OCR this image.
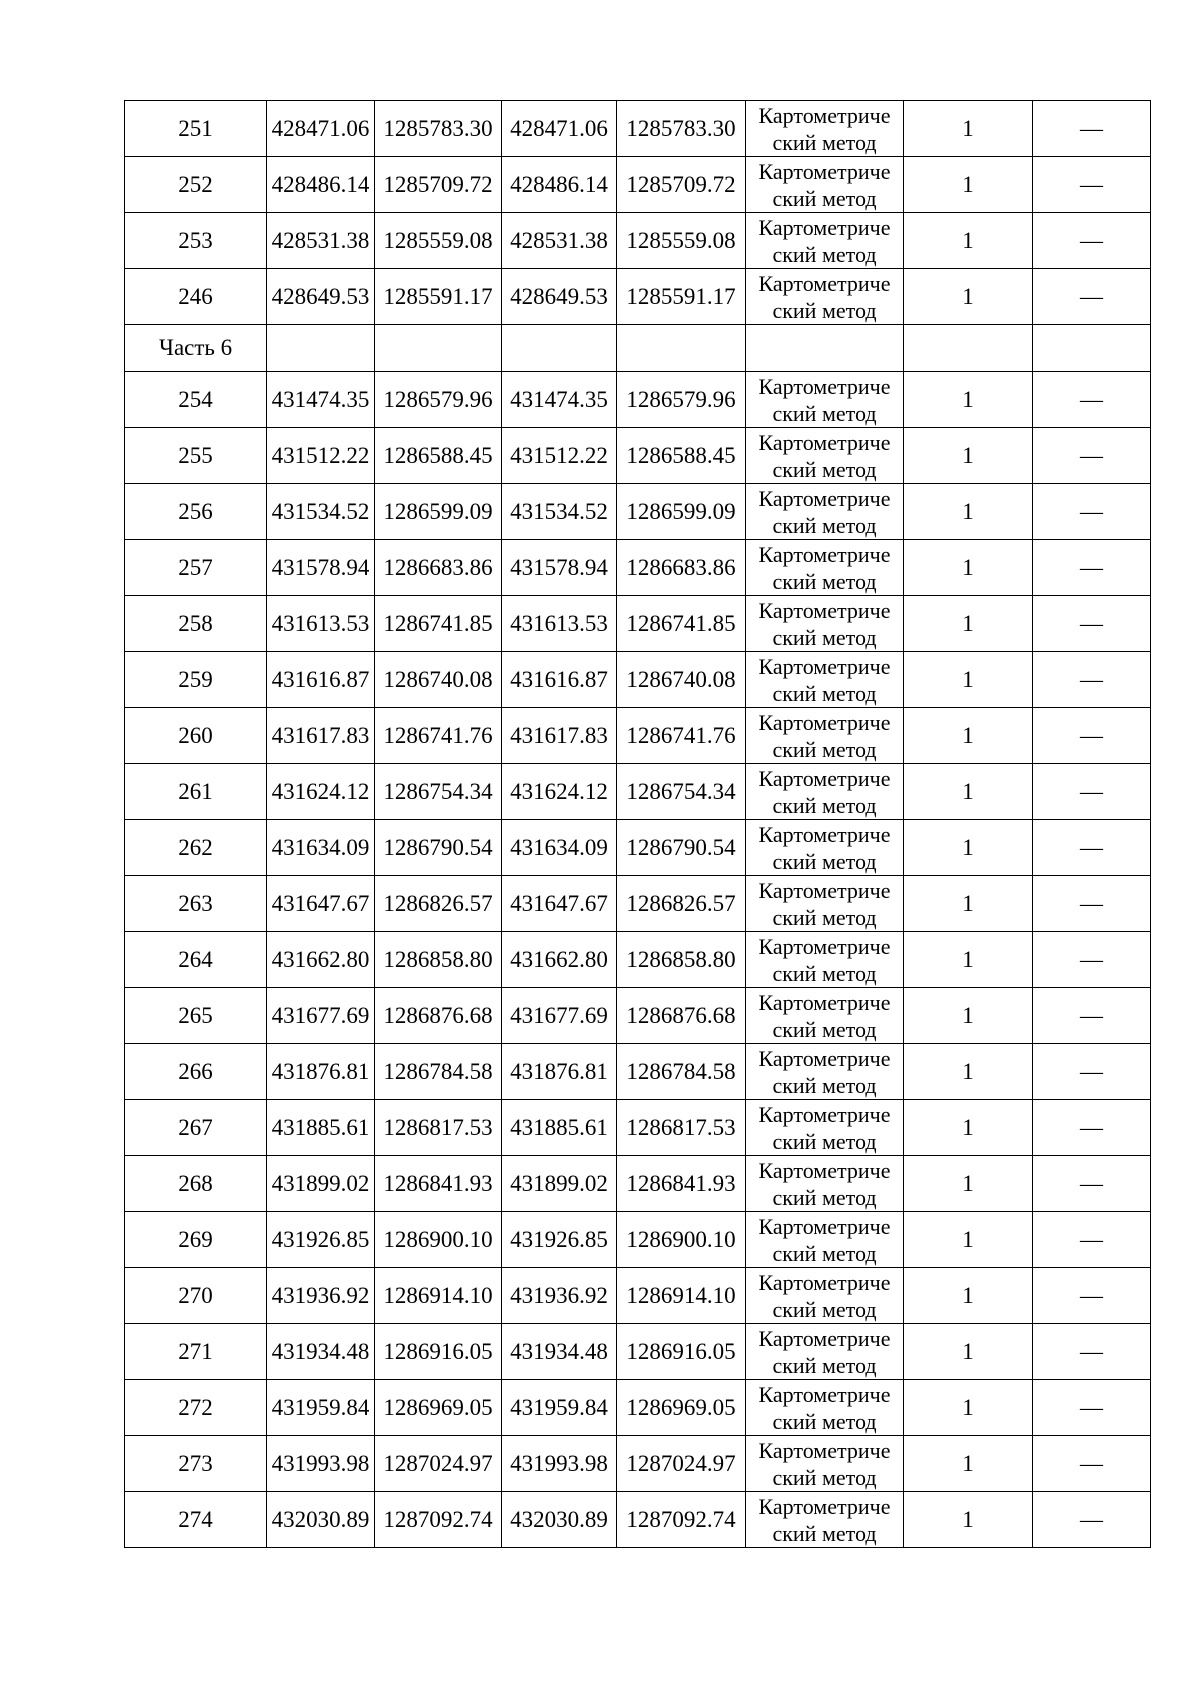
251	428471.06	1285783.30	428471.06	1285783.30	Картометриче
ский метод	1	—
252	428486.14	1285709.72	428486.14	1285709.72	Картометриче
ский метод	1	—
253	428531.38	1285559.08	428531.38	1285559.08	Картометриче
ский метод	1	—
246	428649.53	1285591.17	428649.53	1285591.17	Картометриче
ский метод	1	—
Часть 6							
254	431474.35	1286579.96	431474.35	1286579.96	Картометриче
ский метод	1	—
255	431512.22	1286588.45	431512.22	1286588.45	Картометриче
ский метод	1	—
256	431534.52	1286599.09	431534.52	1286599.09	Картометриче
ский метод	1	—
257	431578.94	1286683.86	431578.94	1286683.86	Картометриче
ский метод	1	—
258	431613.53	1286741.85	431613.53	1286741.85	Картометриче
ский метод	1	—
259	431616.87	1286740.08	431616.87	1286740.08	Картометриче
ский метод	1	—
260	431617.83	1286741.76	431617.83	1286741.76	Картометриче
ский метод	1	—
261	431624.12	1286754.34	431624.12	1286754.34	Картометриче
ский метод	1	—
262	431634.09	1286790.54	431634.09	1286790.54	Картометриче
ский метод	1	—
263	431647.67	1286826.57	431647.67	1286826.57	Картометриче
ский метод	1	—
264	431662.80	1286858.80	431662.80	1286858.80	Картометриче
ский метод	1	—
265	431677.69	1286876.68	431677.69	1286876.68	Картометриче
ский метод	1	—
266	431876.81	1286784.58	431876.81	1286784.58	Картометриче
ский метод	1	—
267	431885.61	1286817.53	431885.61	1286817.53	Картометриче
ский метод	1	—
268	431899.02	1286841.93	431899.02	1286841.93	Картометриче
ский метод	1	—
269	431926.85	1286900.10	431926.85	1286900.10	Картометриче
ский метод	1	—
270	431936.92	1286914.10	431936.92	1286914.10	Картометриче
ский метод	1	—
271	431934.48	1286916.05	431934.48	1286916.05	Картометриче
ский метод	1	—
272	431959.84	1286969.05	431959.84	1286969.05	Картометриче
ский метод	1	—
273	431993.98	1287024.97	431993.98	1287024.97	Картометриче
ский метод	1	—
274	432030.89	1287092.74	432030.89	1287092.74	Картометриче
ский метод	1	—
